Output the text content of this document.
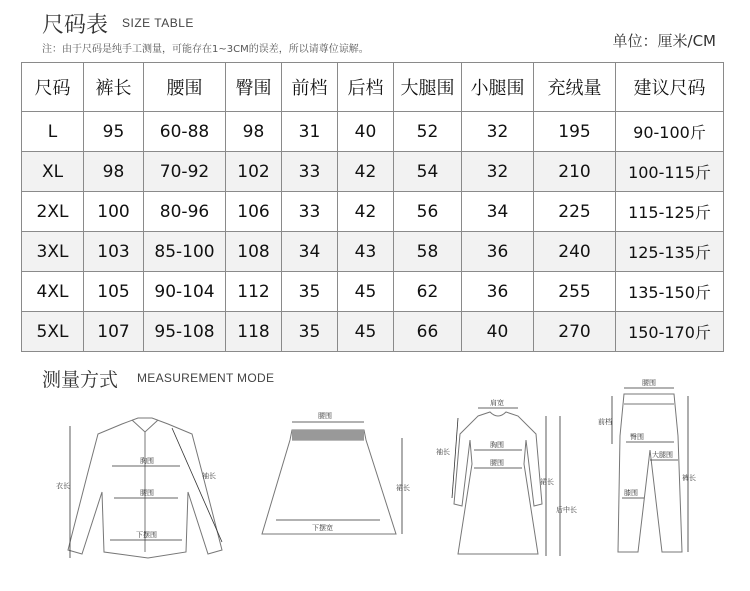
尺码表 SIZE TABLE
注：由于尺码是纯手工测量，可能存在1~3CM的误差，所以请尊位谅解。	单位：厘米/CM
尺码	裤长	腰围	臀围	前档	后档	大腿围	小腿围	充绒量	建议尺码
L	95	60-88	98	31	40	52	32	195	90-100斤
XL	98	70-92	102	33	42	54	32	210	100-115斤
2XL	100	80-96	106	33	42	56	34	225	115-125斤
3XL	103	85-100	108	34	43	58	36	240	125-135斤
4XL	105	90-104	112	35	45	62	36	255	135-150斤
5XL	107	95-108	118	35	45	66	40	270	150-170斤
测量方式 MEASUREMENT MODE
胸围
腰围
下摆围
衣长
袖长
腰围
下摆宽
裙长
肩宽
胸围
腰围
袖长
裙长
后中长
腰围
前档
臀围
大腿围
膝围
裤长
